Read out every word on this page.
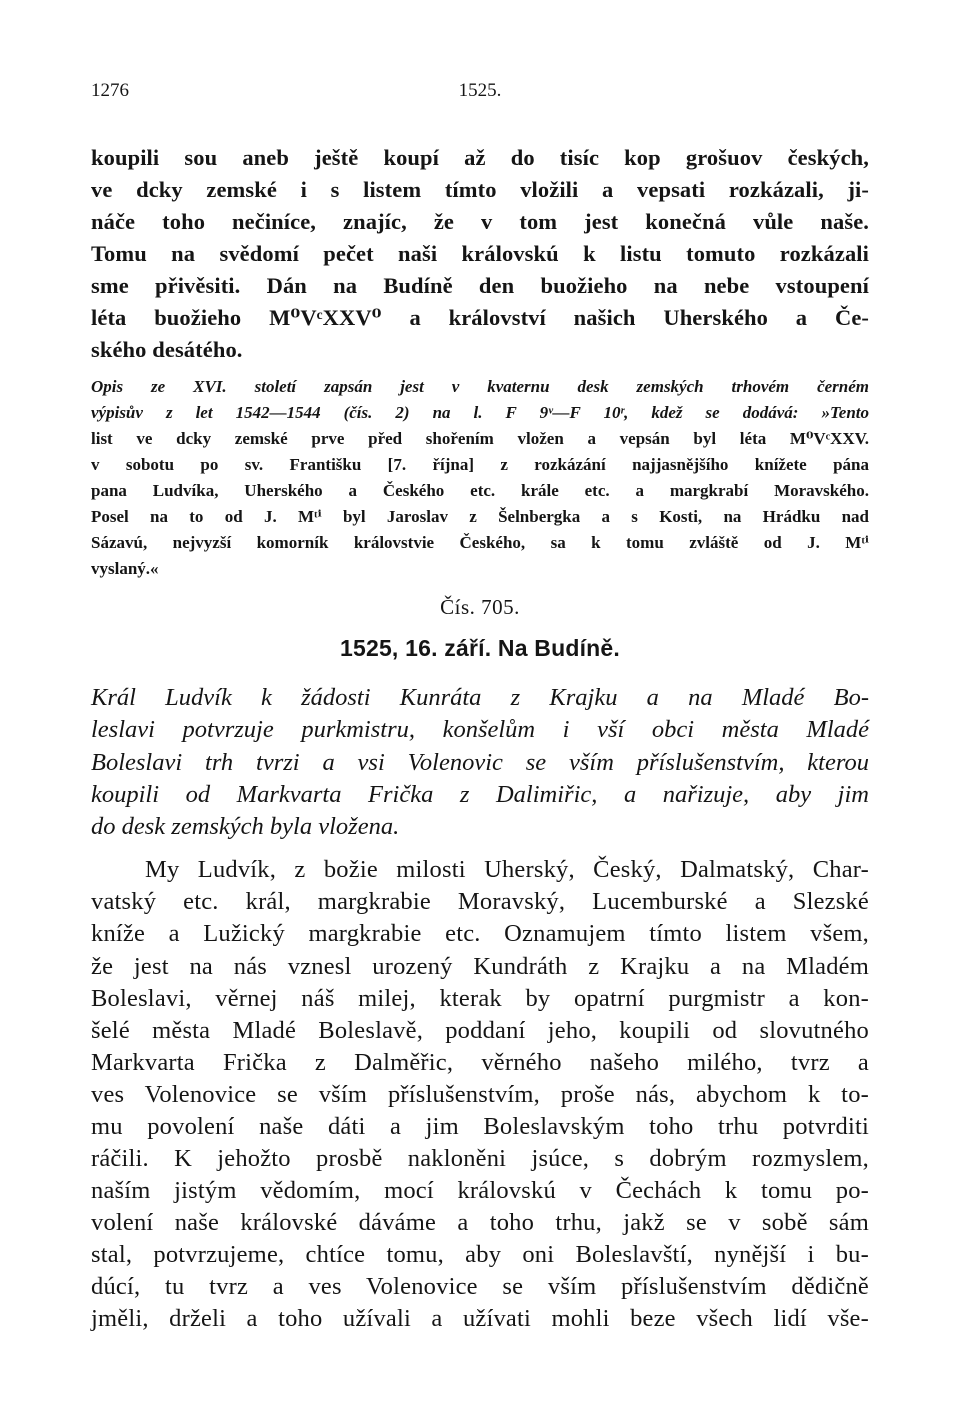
1276	1525.
koupili sou aneb ještě koupí až do tisíc kop grošuov českých,
ve dcky zemské i s listem tímto vložili a vepsati rozkázali, ji-
náče toho nečiníce, znajíc, že v tom jest konečná vůle naše.
Tomu na svědomí pečet naši královskú k listu tomuto rozkázali
sme přivěsiti. Dán na Budíně den buožieho na nebe vstoupení
léta buožieho M⁰VᶜXXV⁰ a království našich Uherského a Če-
ského desátého.
Opis ze XVI. století zapsán jest v kvaternu desk zemských trhovém černém
výpisův z let 1542—1544 (čís. 2) na l. F 9ᵛ—F 10ʳ, kdež se dodává: »Tento
list ve dcky zemské prve před shořením vložen a vepsán byl léta M⁰VᶜXXV.
v sobotu po sv. Františku [7. října] z rozkázání najjasnějšího knížete pána
pana Ludvíka, Uherského a Českého etc. krále etc. a margkrabí Moravského.
Posel na to od J. Mᵗⁱ byl Jaroslav z Šelnbergka a s Kosti, na Hrádku nad
Sázavú, nejvyzší komorník královstvie Českého, sa k tomu zvláště od J. Mᵗⁱ
vyslaný.«
Čís. 705.
1525, 16. září. Na Budíně.
Král Ludvík k žádosti Kunráta z Krajku a na Mladé Bo-
leslavi potvrzuje purkmistru, konšelům i vší obci města Mladé
Boleslavi trh tvrzi a vsi Volenovic se vším příslušenstvím, kterou
koupili od Markvarta Frička z Dalimiřic, a nařizuje, aby jim
do desk zemských byla vložena.
My Ludvík, z božie milosti Uherský, Český, Dalmatský, Char-
vatský etc. král, margkrabie Moravský, Lucemburské a Slezské
kníže a Lužický margkrabie etc. Oznamujem tímto listem všem,
že jest na nás vznesl urozený Kundráth z Krajku a na Mladém
Boleslavi, věrnej náš milej, kterak by opatrní purgmistr a kon-
šelé města Mladé Boleslavě, poddaní jeho, koupili od slovutného
Markvarta Frička z Dalměřic, věrného našeho milého, tvrz a
ves Volenovice se vším příslušenstvím, proše nás, abychom k to-
mu povolení naše dáti a jim Boleslavským toho trhu potvrditi
ráčili. K jehožto prosbě nakloněni jsúce, s dobrým rozmyslem,
naším jistým vědomím, mocí královskú v Čechách k tomu po-
volení naše královské dáváme a toho trhu, jakž se v sobě sám
stal, potvrzujeme, chtíce tomu, aby oni Boleslavští, nynější i bu-
dúcí, tu tvrz a ves Volenovice se vším příslušenstvím dědičně
jměli, drželi a toho užívali a užívati mohli beze všech lidí vše-
